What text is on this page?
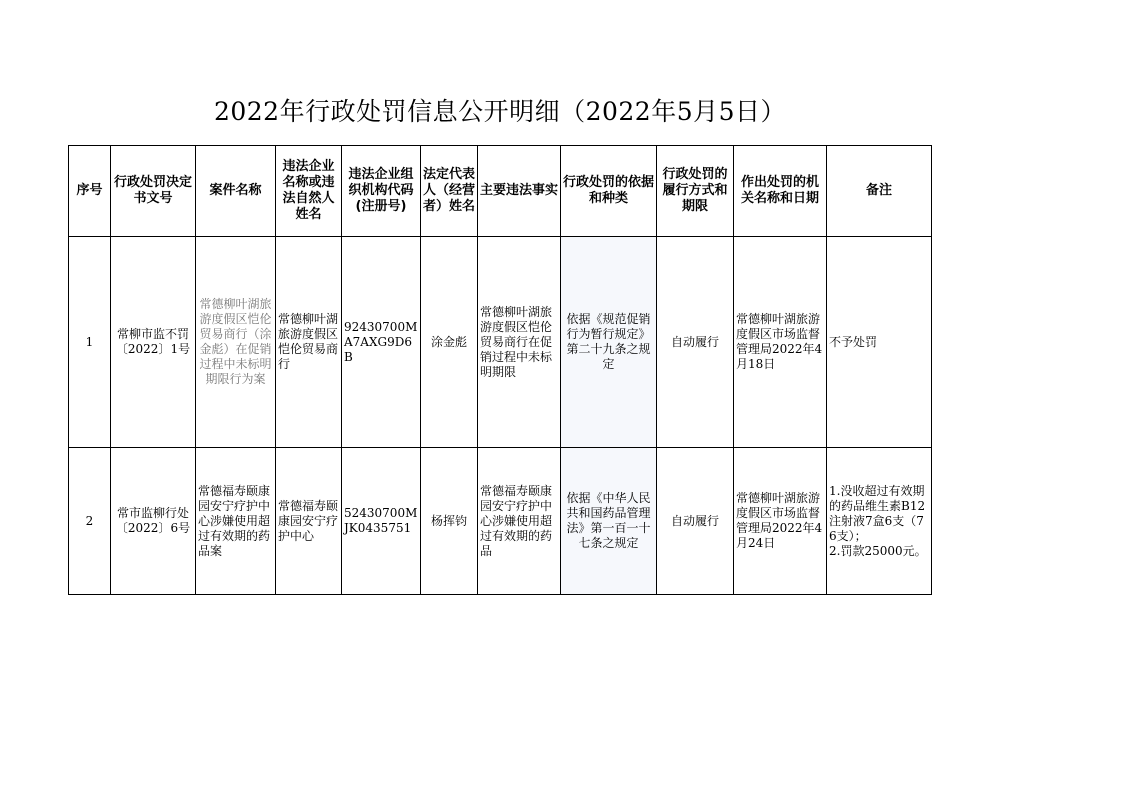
2022年行政处罚信息公开明细（2022年5月5日）
序号	行政处罚决定书文号	案件名称	违法企业名称或违法自然人姓名	违法企业组织机构代码(注册号)	法定代表人（经营者）姓名	主要违法事实	行政处罚的依据和种类	行政处罚的履行方式和期限	作出处罚的机关名称和日期	备注
1	常柳市监不罚〔2022〕1号	常德柳叶湖旅游度假区恺伦贸易商行（涂金彪）在促销过程中未标明期限行为案	常德柳叶湖旅游度假区恺伦贸易商行	92430700MA7AXG9D6B	涂金彪	常德柳叶湖旅游度假区恺伦贸易商行在促销过程中未标明期限	依据《规范促销行为暂行规定》第二十九条之规定	自动履行	常德柳叶湖旅游度假区市场监督管理局2022年4月18日	不予处罚

2	常市监柳行处〔2022〕6号	常德福寿颐康园安宁疗护中心涉嫌使用超过有效期的药品案	常德福寿颐康园安宁疗护中心	52430700MJK0435751	杨挥钧	常德福寿颐康园安宁疗护中心涉嫌使用超过有效期的药品	依据《中华人民共和国药品管理法》第一百一十七条之规定	自动履行	常德柳叶湖旅游度假区市场监督管理局2022年4月24日	1.没收超过有效期的药品维生素B12注射液7盒6支（76支）；
2.罚款25000元。
